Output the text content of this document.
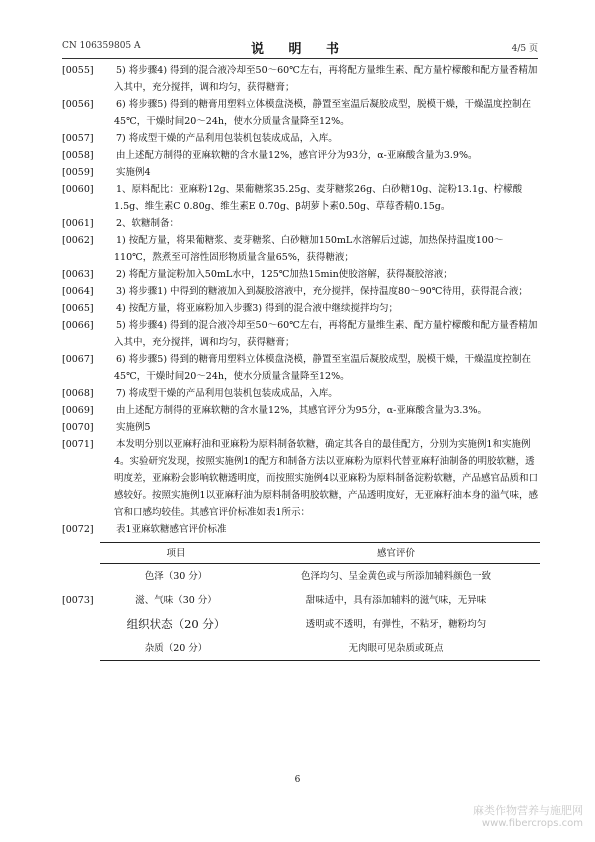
CN 106359805 A	说 明 书	4/5 页
[0055] 5) 将步骤4) 得到的混合液冷却至50～60℃左右，再将配方量维生素、配方量柠檬酸和配方量香精加入其中，充分搅拌，调和均匀，获得糖膏；
[0056] 6) 将步骤5) 得到的糖膏用塑料立体模盘浇模，静置至室温后凝胶成型，脱模干燥，干燥温度控制在45℃，干燥时间20～24h，使水分质量含量降至12%。
[0057] 7) 将成型干燥的产品利用包装机包装成成品，入库。
[0058] 由上述配方制得的亚麻软糖的含水量12%，感官评分为93分，α-亚麻酸含量为3.9%。
[0059] 实施例4
[0060] 1、原料配比：亚麻粉12g、果葡糖浆35.25g、麦芽糖浆26g、白砂糖10g、淀粉13.1g、柠檬酸1.5g、维生素C 0.80g、维生素E 0.70g、β胡萝卜素0.50g、草莓香精0.15g。
[0061] 2、软糖制备：
[0062] 1) 按配方量，将果葡糖浆、麦芽糖浆、白砂糖加150mL水溶解后过滤，加热保持温度100～110℃，熬煮至可溶性固形物质量含量65%，获得糖液；
[0063] 2) 将配方量淀粉加入50mL水中，125℃加热15min使胶溶解，获得凝胶溶液；
[0064] 3) 将步骤1) 中得到的糖液加入到凝胶溶液中，充分搅拌，保持温度80～90℃待用，获得混合液；
[0065] 4) 按配方量，将亚麻粉加入步骤3) 得到的混合液中继续搅拌均匀；
[0066] 5) 将步骤4) 得到的混合液冷却至50～60℃左右，再将配方量维生素、配方量柠檬酸和配方量香精加入其中，充分搅拌，调和均匀，获得糖膏；
[0067] 6) 将步骤5) 得到的糖膏用塑料立体模盘浇模，静置至室温后凝胶成型，脱模干燥，干燥温度控制在45℃，干燥时间20～24h，使水分质量含量降至12%。
[0068] 7) 将成型干燥的产品利用包装机包装成成品，入库。
[0069] 由上述配方制得的亚麻软糖的含水量12%，其感官评分为95分，α-亚麻酸含量为3.3%。
[0070] 实施例5
[0071] 本发明分别以亚麻籽油和亚麻粉为原料制备软糖，确定其各自的最佳配方，分别为实施例1和实施例4。实验研究发现，按照实施例1的配方和制备方法以亚麻粉为原料代替亚麻籽油制备的明胶软糖，透明度差，亚麻粉会影响软糖透明度，而按照实施例4以亚麻粉为原料制备淀粉软糖，产品感官品质和口感较好。按照实施例1以亚麻籽油为原料制备明胶软糖，产品透明度好，无亚麻籽油本身的溢气味，感官和口感均较佳。其感官评价标准如表1所示：
[0072] 表1亚麻软糖感官评价标准
[0073]
项目	感官评价
色泽（30 分）	色泽均匀、呈金黄色或与所添加辅料颜色一致
滋、气味（30 分）	甜味适中，具有添加辅料的滋气味，无异味
组织状态（20 分）	透明或不透明，有弹性，不粘牙，糖粉均匀
杂质（20 分）	无肉眼可见杂质或斑点
6
麻类作物营养与施肥网
www.fibercrops.com
